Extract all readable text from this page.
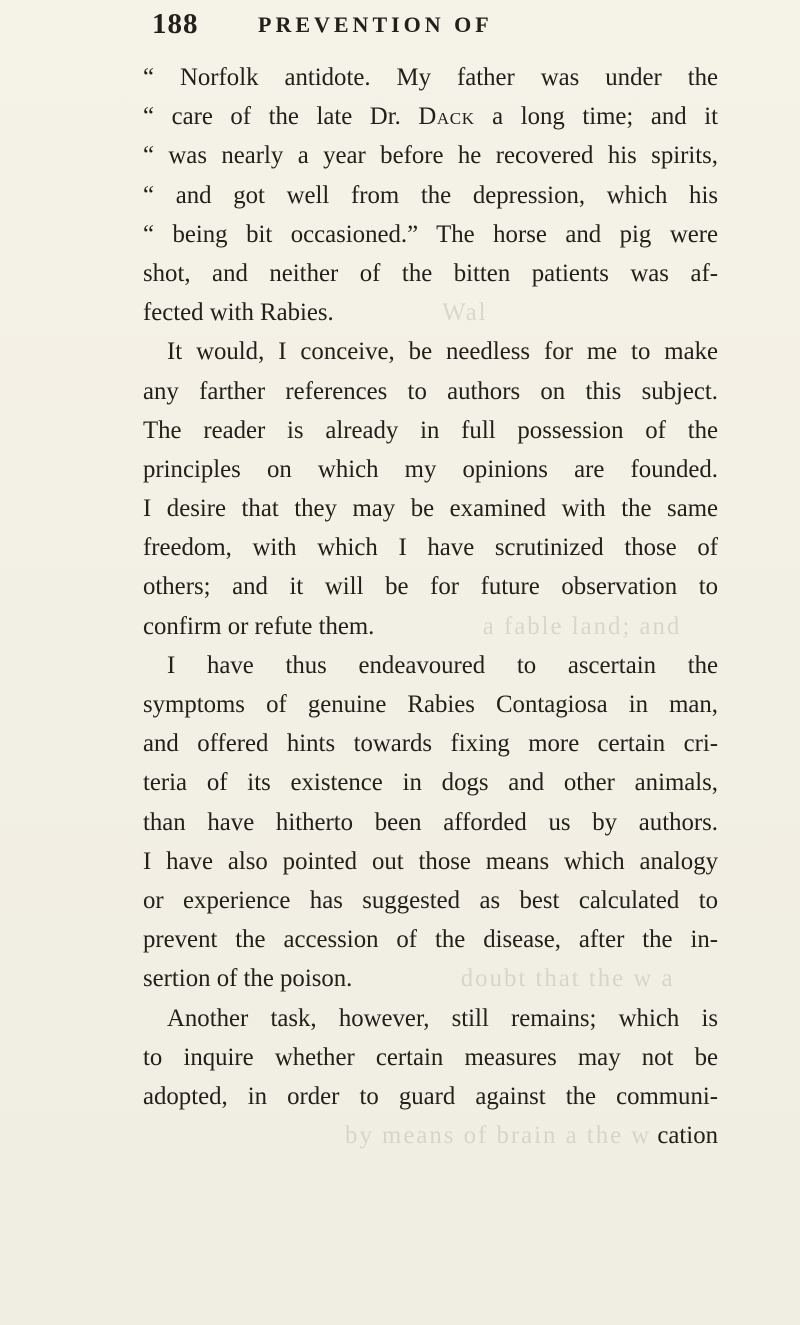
188	PREVENTION OF
“ Norfolk antidote. My father was under the
“ care of the late Dr. Dack a long time; and it
“ was nearly a year before he recovered his spirits,
“ and got well from the depression, which his
“ being bit occasioned.” The horse and pig were
shot, and neither of the bitten patients was af-
fected with Rabies.	Wal
It would, I conceive, be needless for me to make
any farther references to authors on this subject.
The reader is already in full possession of the
principles on which my opinions are founded.
I desire that they may be examined with the same
freedom, with which I have scrutinized those of
others; and it will be for future observation to
confirm or refute them.	a fable land; and
I have thus endeavoured to ascertain the
symptoms of genuine Rabies Contagiosa in man,
and offered hints towards fixing more certain cri-
teria of its existence in dogs and other animals,
than have hitherto been afforded us by authors.
I have also pointed out those means which analogy
or experience has suggested as best calculated to
prevent the accession of the disease, after the in-
sertion of the poison.	doubt that the w a
Another task, however, still remains; which is
to inquire whether certain measures may not be
adopted, in order to guard against the communi-
by means of brain a the w cation
